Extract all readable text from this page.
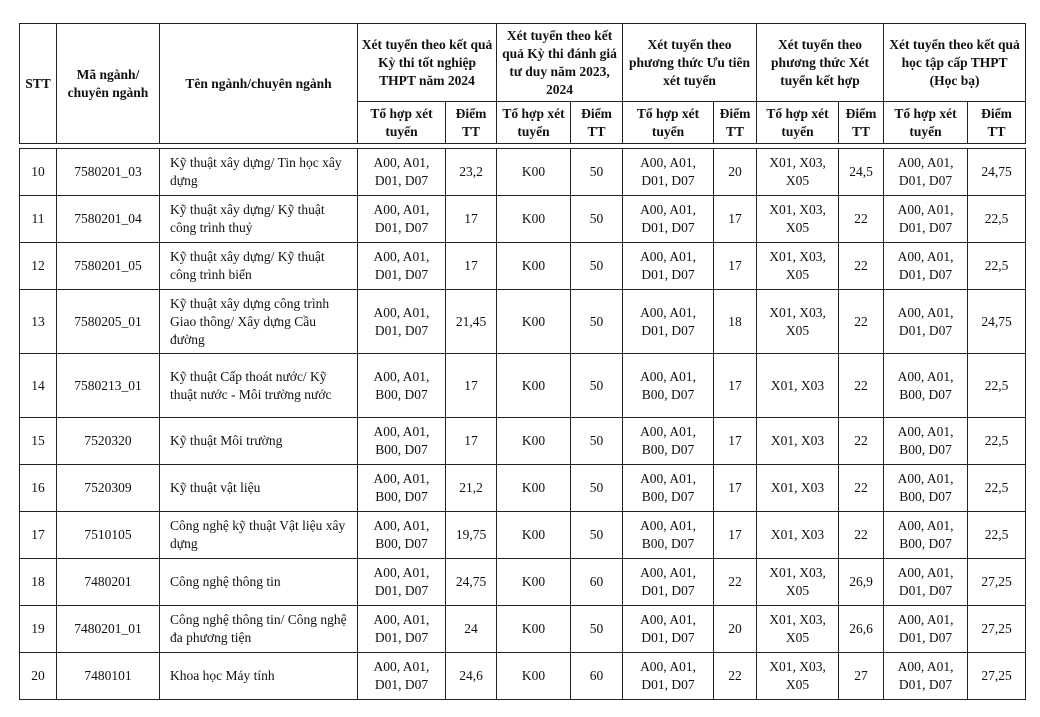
STT	Mã ngành/ chuyên ngành	Tên ngành/chuyên ngành	Xét tuyển theo kết quả Kỳ thi tốt nghiệp THPT năm 2024		Xét tuyển theo kết quả Kỳ thi đánh giá tư duy năm 2023, 2024		Xét tuyển theo phương thức Ưu tiên xét tuyển		Xét tuyển theo phương thức Xét tuyển kết hợp		Xét tuyển theo kết quả học tập cấp THPT (Học bạ)	
			Tổ hợp xét tuyển	Điểm TT	Tổ hợp xét tuyển	Điểm TT	Tổ hợp xét tuyển	Điểm TT	Tổ hợp xét tuyển	Điểm TT	Tổ hợp xét tuyển	Điểm TT

10	7580201_03	Kỹ thuật xây dựng/ Tin học xây dựng	A00, A01, D01, D07	23,2	K00	50	A00, A01, D01, D07	20	X01, X03, X05	24,5	A00, A01, D01, D07	24,75
11	7580201_04	Kỹ thuật xây dựng/ Kỹ thuật công trình thuỷ	A00, A01, D01, D07	17	K00	50	A00, A01, D01, D07	17	X01, X03, X05	22	A00, A01, D01, D07	22,5
12	7580201_05	Kỹ thuật xây dựng/ Kỹ thuật công trình biển	A00, A01, D01, D07	17	K00	50	A00, A01, D01, D07	17	X01, X03, X05	22	A00, A01, D01, D07	22,5
13	7580205_01	Kỹ thuật xây dựng công trình Giao thông/ Xây dựng Cầu đường	A00, A01, D01, D07	21,45	K00	50	A00, A01, D01, D07	18	X01, X03, X05	22	A00, A01, D01, D07	24,75
14	7580213_01	Kỹ thuật Cấp thoát nước/ Kỹ thuật nước - Môi trường nước	A00, A01, B00, D07	17	K00	50	A00, A01, B00, D07	17	X01, X03	22	A00, A01, B00, D07	22,5
15	7520320	Kỹ thuật Môi trường	A00, A01, B00, D07	17	K00	50	A00, A01, B00, D07	17	X01, X03	22	A00, A01, B00, D07	22,5
16	7520309	Kỹ thuật vật liệu	A00, A01, B00, D07	21,2	K00	50	A00, A01, B00, D07	17	X01, X03	22	A00, A01, B00, D07	22,5
17	7510105	Công nghệ kỹ thuật Vật liệu xây dựng	A00, A01, B00, D07	19,75	K00	50	A00, A01, B00, D07	17	X01, X03	22	A00, A01, B00, D07	22,5
18	7480201	Công nghệ thông tin	A00, A01, D01, D07	24,75	K00	60	A00, A01, D01, D07	22	X01, X03, X05	26,9	A00, A01, D01, D07	27,25
19	7480201_01	Công nghệ thông tin/ Công nghệ đa phương tiện	A00, A01, D01, D07	24	K00	50	A00, A01, D01, D07	20	X01, X03, X05	26,6	A00, A01, D01, D07	27,25
20	7480101	Khoa học Máy tính	A00, A01, D01, D07	24,6	K00	60	A00, A01, D01, D07	22	X01, X03, X05	27	A00, A01, D01, D07	27,25
